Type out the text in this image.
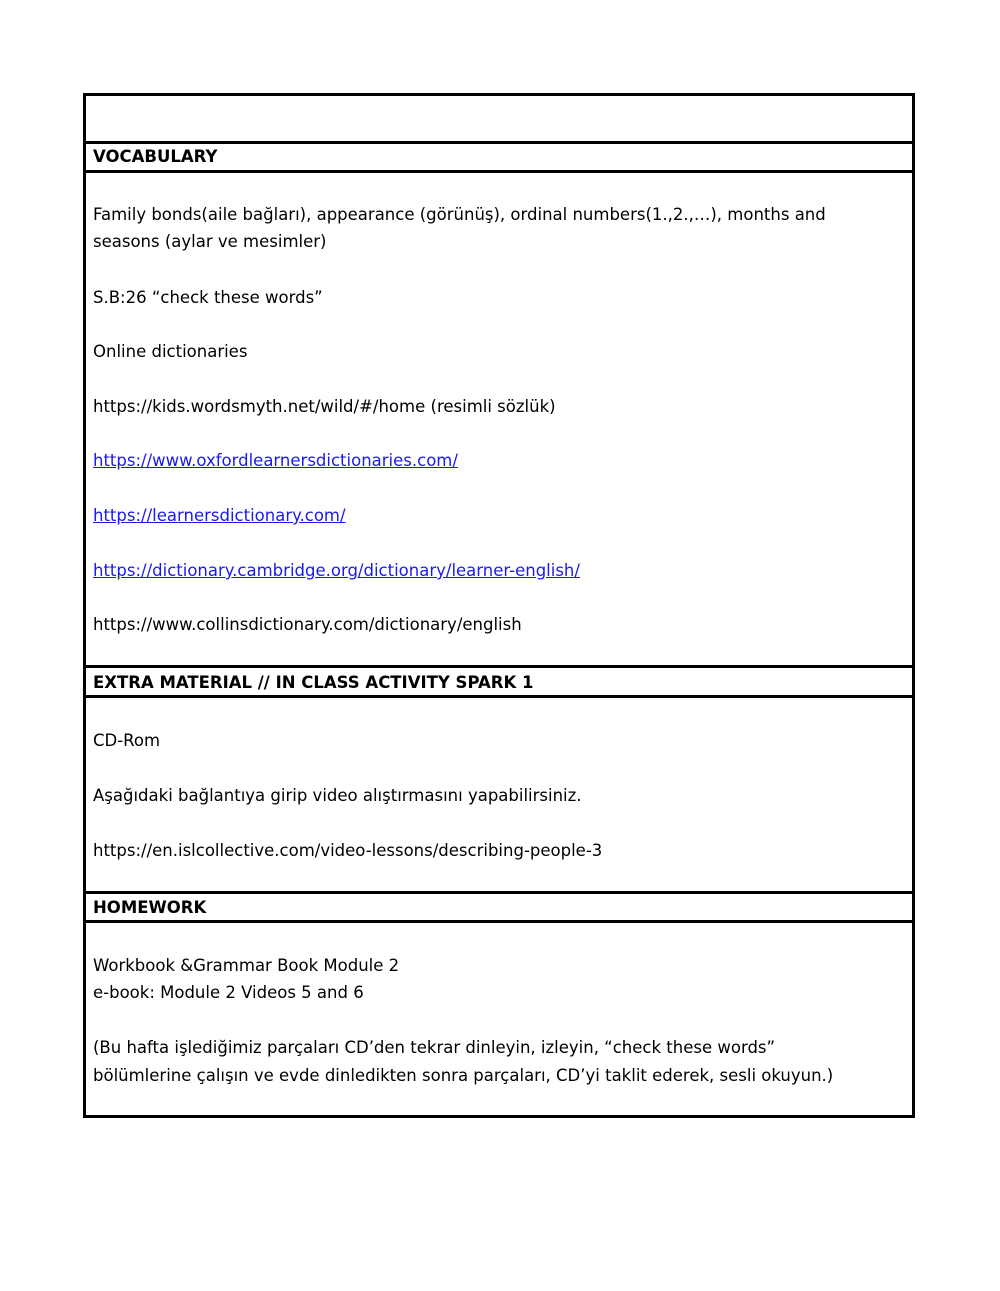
VOCABULARY
Family bonds(aile bağları), appearance (görünüş), ordinal numbers(1.,2.,…), months and
seasons (aylar ve mesimler)
S.B:26 “check these words”
Online dictionaries
https://kids.wordsmyth.net/wild/#/home (resimli sözlük)
https://www.oxfordlearnersdictionaries.com/
https://learnersdictionary.com/
https://dictionary.cambridge.org/dictionary/learner-english/
https://www.collinsdictionary.com/dictionary/english
EXTRA MATERIAL // IN CLASS ACTIVITY SPARK 1
CD-Rom
Aşağıdaki bağlantıya girip video alıştırmasını yapabilirsiniz.
https://en.islcollective.com/video-lessons/describing-people-3
HOMEWORK
Workbook &Grammar Book Module 2
e-book: Module 2 Videos 5 and 6
(Bu hafta işlediğimiz parçaları CD’den tekrar dinleyin, izleyin, “check these words”
bölümlerine çalışın ve evde dinledikten sonra parçaları, CD’yi taklit ederek, sesli okuyun.)
